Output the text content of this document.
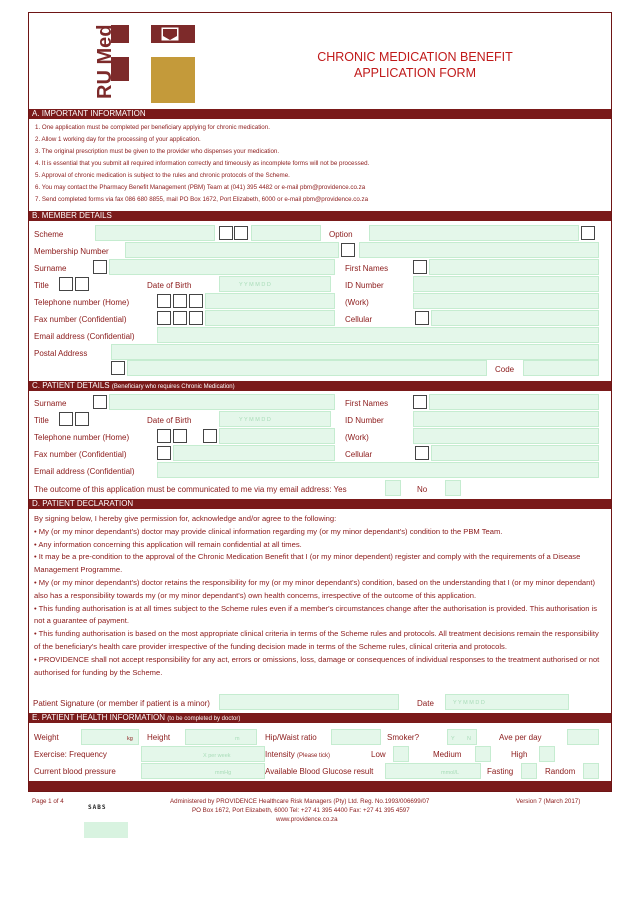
RU Med	CHRONIC MEDICATION BENEFIT
APPLICATION FORM
A. IMPORTANT INFORMATION
1. One application must be completed per beneficiary applying for chronic medication.
2. Allow 1 working day for the processing of your application.
3. The original prescription must be given to the provider who dispenses your medication.
4. It is essential that you submit all required information correctly and timeously as incomplete forms will not be processed.
5. Approval of chronic medication is subject to the rules and chronic protocols of the Scheme.
6. You may contact the Pharmacy Benefit Management (PBM) Team at (041) 395 4482 or e-mail pbm@providence.co.za
7. Send completed forms via fax 086 680 8855, mail PO Box 1672, Port Elizabeth, 6000 or e-mail pbm@providence.co.za
B. MEMBER DETAILS
Scheme	Option
Membership Number
Surname	First Names
Title	Date of Birth	Y Y M M D D	ID Number
Telephone number (Home)	(Work)
Fax number (Confidential)	Cellular
Email address (Confidential)
Postal Address
Code
C. PATIENT DETAILS (Beneficiary who requires Chronic Medication)
Surname	First Names
Title	Date of Birth	Y Y M M D D	ID Number
Telephone number (Home)	(Work)
Fax number (Confidential)	Cellular
Email address (Confidential)
The outcome of this application must be communicated to me via my email address: Yes	No
D. PATIENT DECLARATION
By signing below, I hereby give permission for, acknowledge and/or agree to the following:
• My (or my minor dependant's) doctor may provide clinical information regarding my (or my minor dependant's) condition to the PBM Team.
• Any information concerning this application will remain confidential at all times.
• It may be a pre-condition to the approval of the Chronic Medication Benefit that I (or my minor dependent) register and comply with the requirements of a Disease Management Programme.
• My (or my minor dependant's) doctor retains the responsibility for my (or my minor dependant's) condition, based on the understanding that I (or my minor dependant) also has a responsibility towards my (or my minor dependant's) own health concerns, irrespective of the outcome of this application.
• This funding authorisation is at all times subject to the Scheme rules even if a member's circumstances change after the authorisation is provided. This authorisation is not a guarantee of payment.
• This funding authorisation is based on the most appropriate clinical criteria in terms of the Scheme rules and protocols. All treatment decisions remain the responsibility of the beneficiary's health care provider irrespective of the funding decision made in terms of the Scheme rules, clinical criteria and protocols.
• PROVIDENCE shall not accept responsibility for any act, errors or omissions, loss, damage or consequences of individual responses to the treatment authorised or not authorised for funding by the Scheme.
Patient Signature (or member if patient is a minor)	Date	Y Y M M D D
E. PATIENT HEALTH INFORMATION (to be completed by doctor)
Weight	kg Height	m	Hip/Waist ratio	Smoker?	Y N	Ave per day
Exercise: Frequency	X per week	Intensity (Please tick)	Low	Medium	High
Current blood pressure	mmHg	Available Blood Glucose result	mmol/L	Fasting	Random
Page 1 of 4	Administered by PROVIDENCE Healthcare Risk Managers (Pty) Ltd. Reg. No.1993/006699/07
PO Box 1672, Port Elizabeth, 6000 Tel: +27 41 395 4400 Fax: +27 41 395 4597
www.providence.co.za
Version 7 (March 2017)
SABS
